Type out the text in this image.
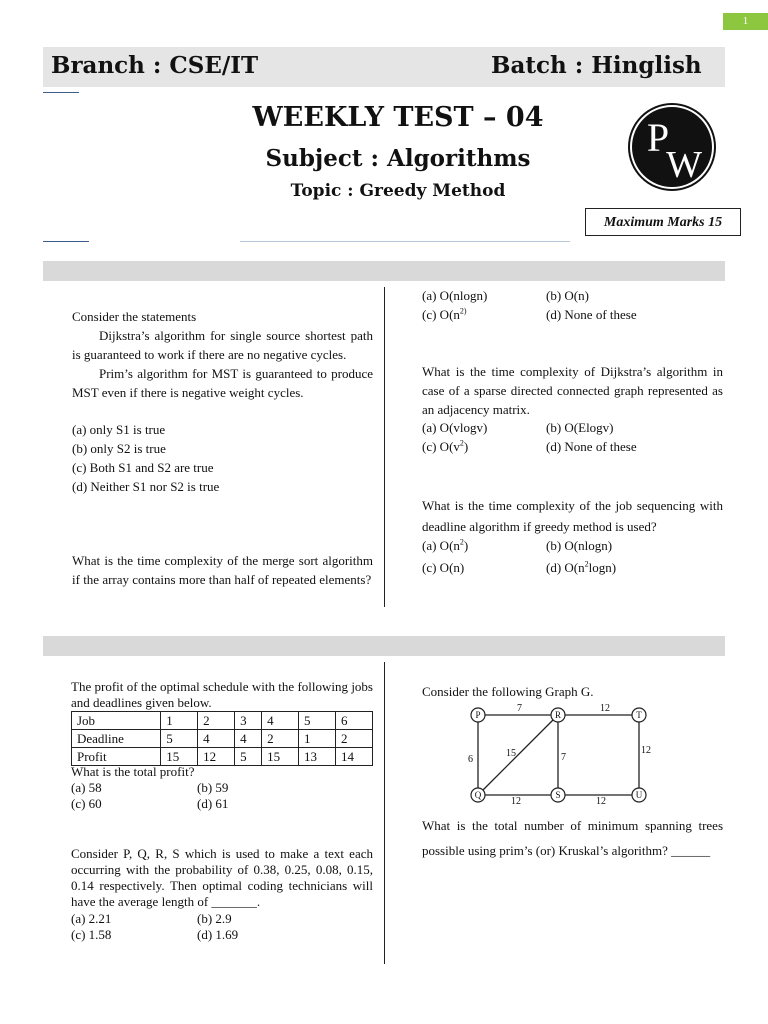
1
Branch : CSE/IT	Batch : Hinglish
WEEKLY TEST – 04
Subject : Algorithms
Topic : Greedy Method
P
W
Maximum Marks 15
Consider the statements
Dijkstra’s algorithm for single source shortest path is guaranteed to work if there are no negative cycles.
Prim’s algorithm for MST is guaranteed to produce MST even if there is negative weight cycles.
(a) only S1 is true
(b) only S2 is true
(c) Both S1 and S2 are true
(d) Neither S1 nor S2 is true
What is the time complexity of the merge sort algorithm if the array contains more than half of repeated elements?
(a) O(nlogn)	(b) O(n)
(c) $O(n^{2)}$	(d) None of these
What is the time complexity of Dijkstra’s algorithm in case of a sparse directed connected graph represented as an adjacency matrix.
(a) O(vlogv)	(b) O(Elogv)
(c) $O(v^2)$	(d) None of these
What is the time complexity of the job sequencing with deadline algorithm if greedy method is used?
(a) $O(n^2)$	(b) O(nlogn)
(c) O(n)	(d) $O(n^2\log n)$
The profit of the optimal schedule with the following jobs and deadlines given below.
Job	1	2	3	4	5	6
Deadline	5	4	4	2	1	2
Profit	15	12	5	15	13	14
What is the total profit?
(a) 58	(b) 59
(c) 60	(d) 61
Consider P, Q, R, S which is used to make a text each occurring with the probability of 0.38, 0.25, 0.08, 0.15, 0.14 respectively. Then optimal coding technicians will have the average length of _______.
(a) 2.21	(b) 2.9
(c) 1.58	(d) 1.69
Consider the following Graph G.
P	R	T
Q	S	U
7	12
6
15	7
12
12	12
What is the total number of minimum spanning trees possible using prim’s (or) Kruskal’s algorithm? ______
